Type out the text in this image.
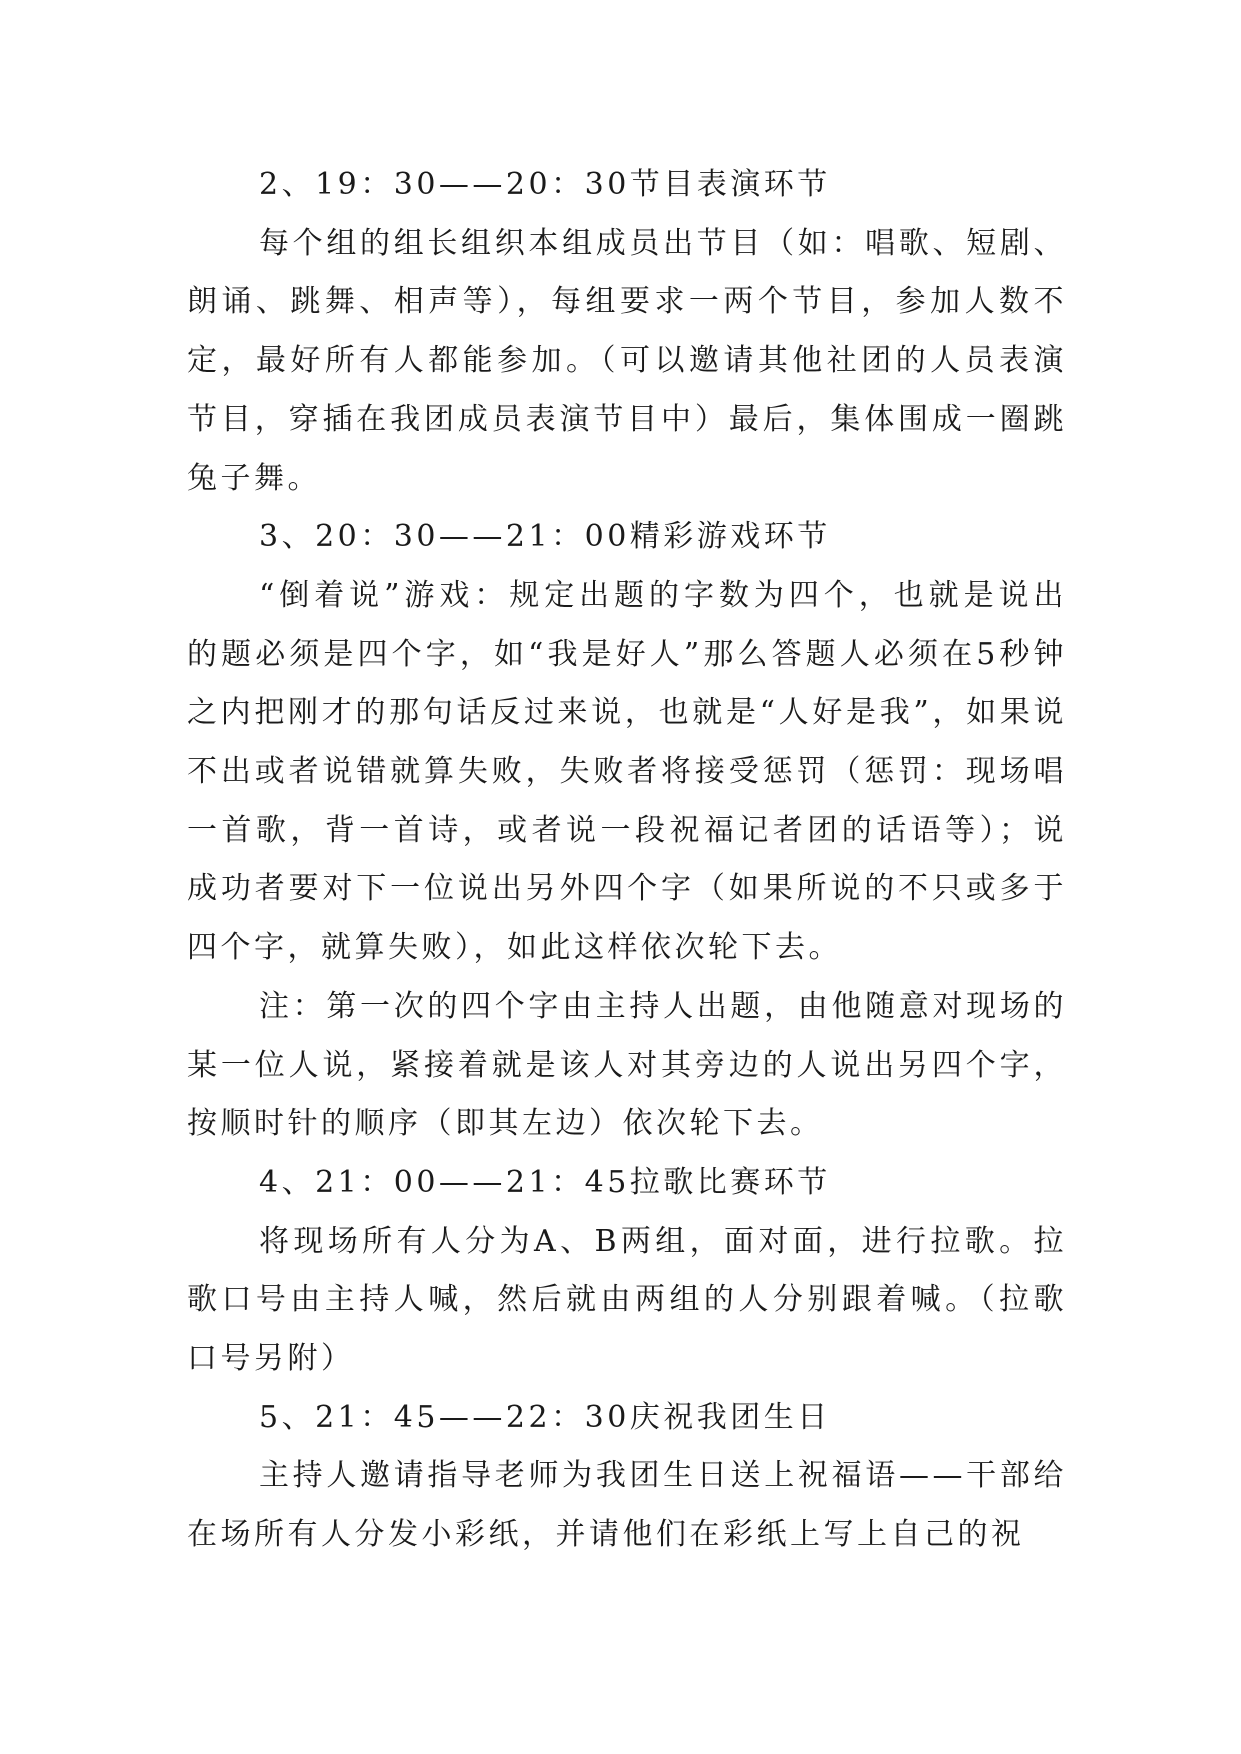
2、19：30——20：30节目表演环节

每个组的组长组织本组成员出节目（如：唱歌、短剧、朗诵、跳舞、相声等），每组要求一两个节目，参加人数不定，最好所有人都能参加。（可以邀请其他社团的人员表演节目，穿插在我团成员表演节目中）最后，集体围成一圈跳兔子舞。

3、20：30——21：00精彩游戏环节

“倒着说”游戏：规定出题的字数为四个，也就是说出的题必须是四个字，如“我是好人”那么答题人必须在5秒钟之内把刚才的那句话反过来说，也就是“人好是我”，如果说不出或者说错就算失败，失败者将接受惩罚（惩罚：现场唱一首歌，背一首诗，或者说一段祝福记者团的话语等）；说成功者要对下一位说出另外四个字（如果所说的不只或多于四个字，就算失败），如此这样依次轮下去。

注：第一次的四个字由主持人出题，由他随意对现场的某一位人说，紧接着就是该人对其旁边的人说出另四个字，按顺时针的顺序（即其左边）依次轮下去。

4、21：00——21：45拉歌比赛环节

将现场所有人分为A、B两组，面对面，进行拉歌。拉歌口号由主持人喊，然后就由两组的人分别跟着喊。（拉歌口号另附）

5、21：45——22：30庆祝我团生日

主持人邀请指导老师为我团生日送上祝福语——干部给在场所有人分发小彩纸，并请他们在彩纸上写上自己的祝
